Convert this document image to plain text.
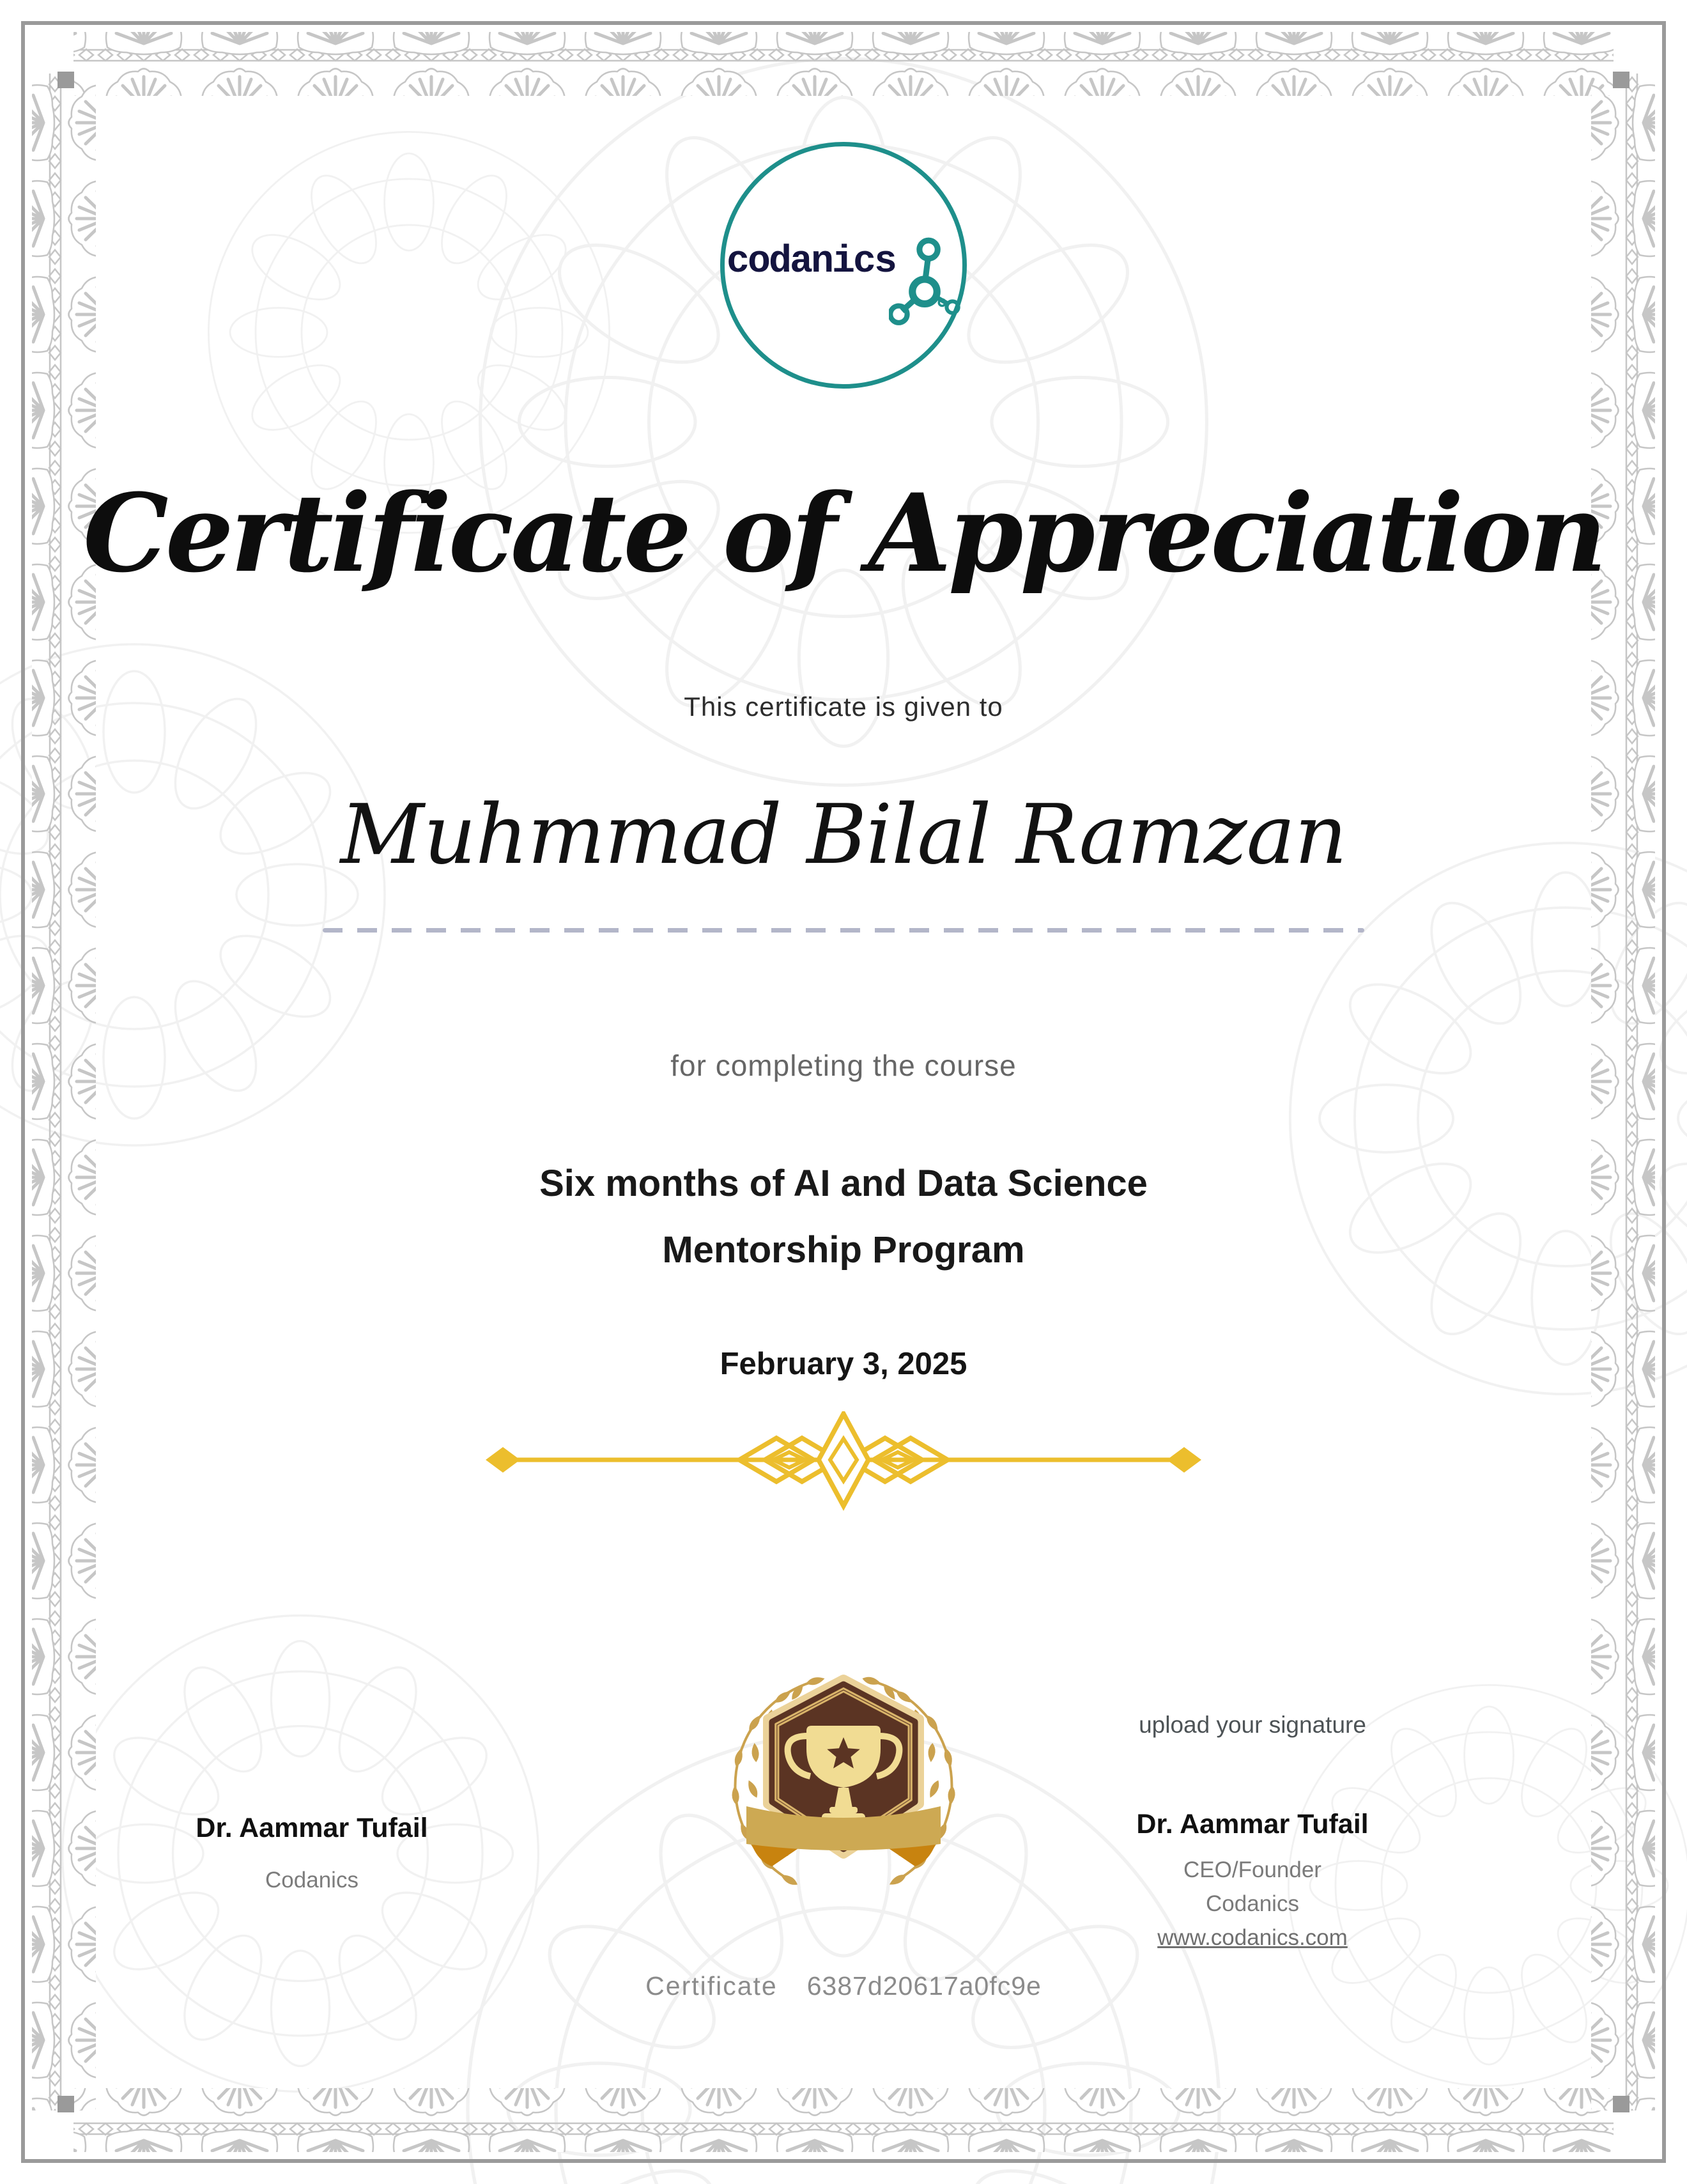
codanics
Certificate of Appreciation
This certificate is given to
Muhmmad Bilal Ramzan
for completing the course
Six months of AI and Data Science
Mentorship Program
February 3, 2025
upload your signature
Dr. Aammar Tufail
Codanics
Dr. Aammar Tufail
CEO/Founder
Codanics
www.codanics.com
Certificate 6387d20617a0fc9e
